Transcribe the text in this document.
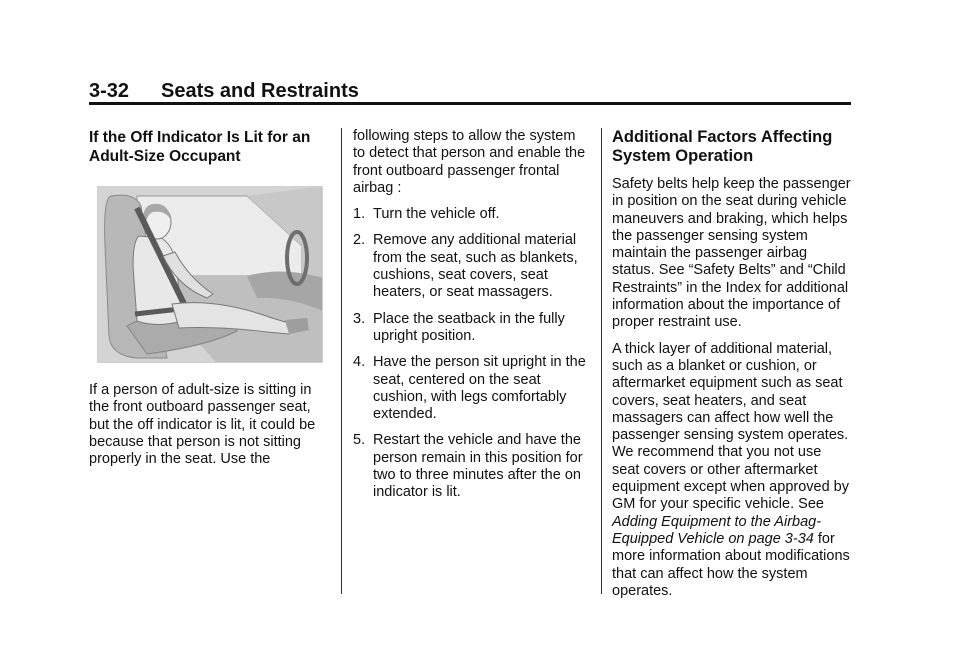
3-32 Seats and Restraints
If the Off Indicator Is Lit for an Adult-Size Occupant

If a person of adult-size is sitting in the front outboard passenger seat, but the off indicator is lit, it could be because that person is not sitting properly in the seat. Use the

following steps to allow the system to detect that person and enable the front outboard passenger frontal airbag :

1. Turn the vehicle off.
2. Remove any additional material from the seat, such as blankets, cushions, seat covers, seat heaters, or seat massagers.
3. Place the seatback in the fully upright position.
4. Have the person sit upright in the seat, centered on the seat cushion, with legs comfortably extended.
5. Restart the vehicle and have the person remain in this position for two to three minutes after the on indicator is lit.
Additional Factors Affecting System Operation

Safety belts help keep the passenger in position on the seat during vehicle maneuvers and braking, which helps the passenger sensing system maintain the passenger airbag status. See “Safety Belts” and “Child Restraints” in the Index for additional information about the importance of proper restraint use.

A thick layer of additional material, such as a blanket or cushion, or aftermarket equipment such as seat covers, seat heaters, and seat massagers can affect how well the passenger sensing system operates. We recommend that you not use seat covers or other aftermarket equipment except when approved by GM for your specific vehicle. See Adding Equipment to the Airbag-Equipped Vehicle on page 3-34 for more information about modifications that can affect how the system operates.
